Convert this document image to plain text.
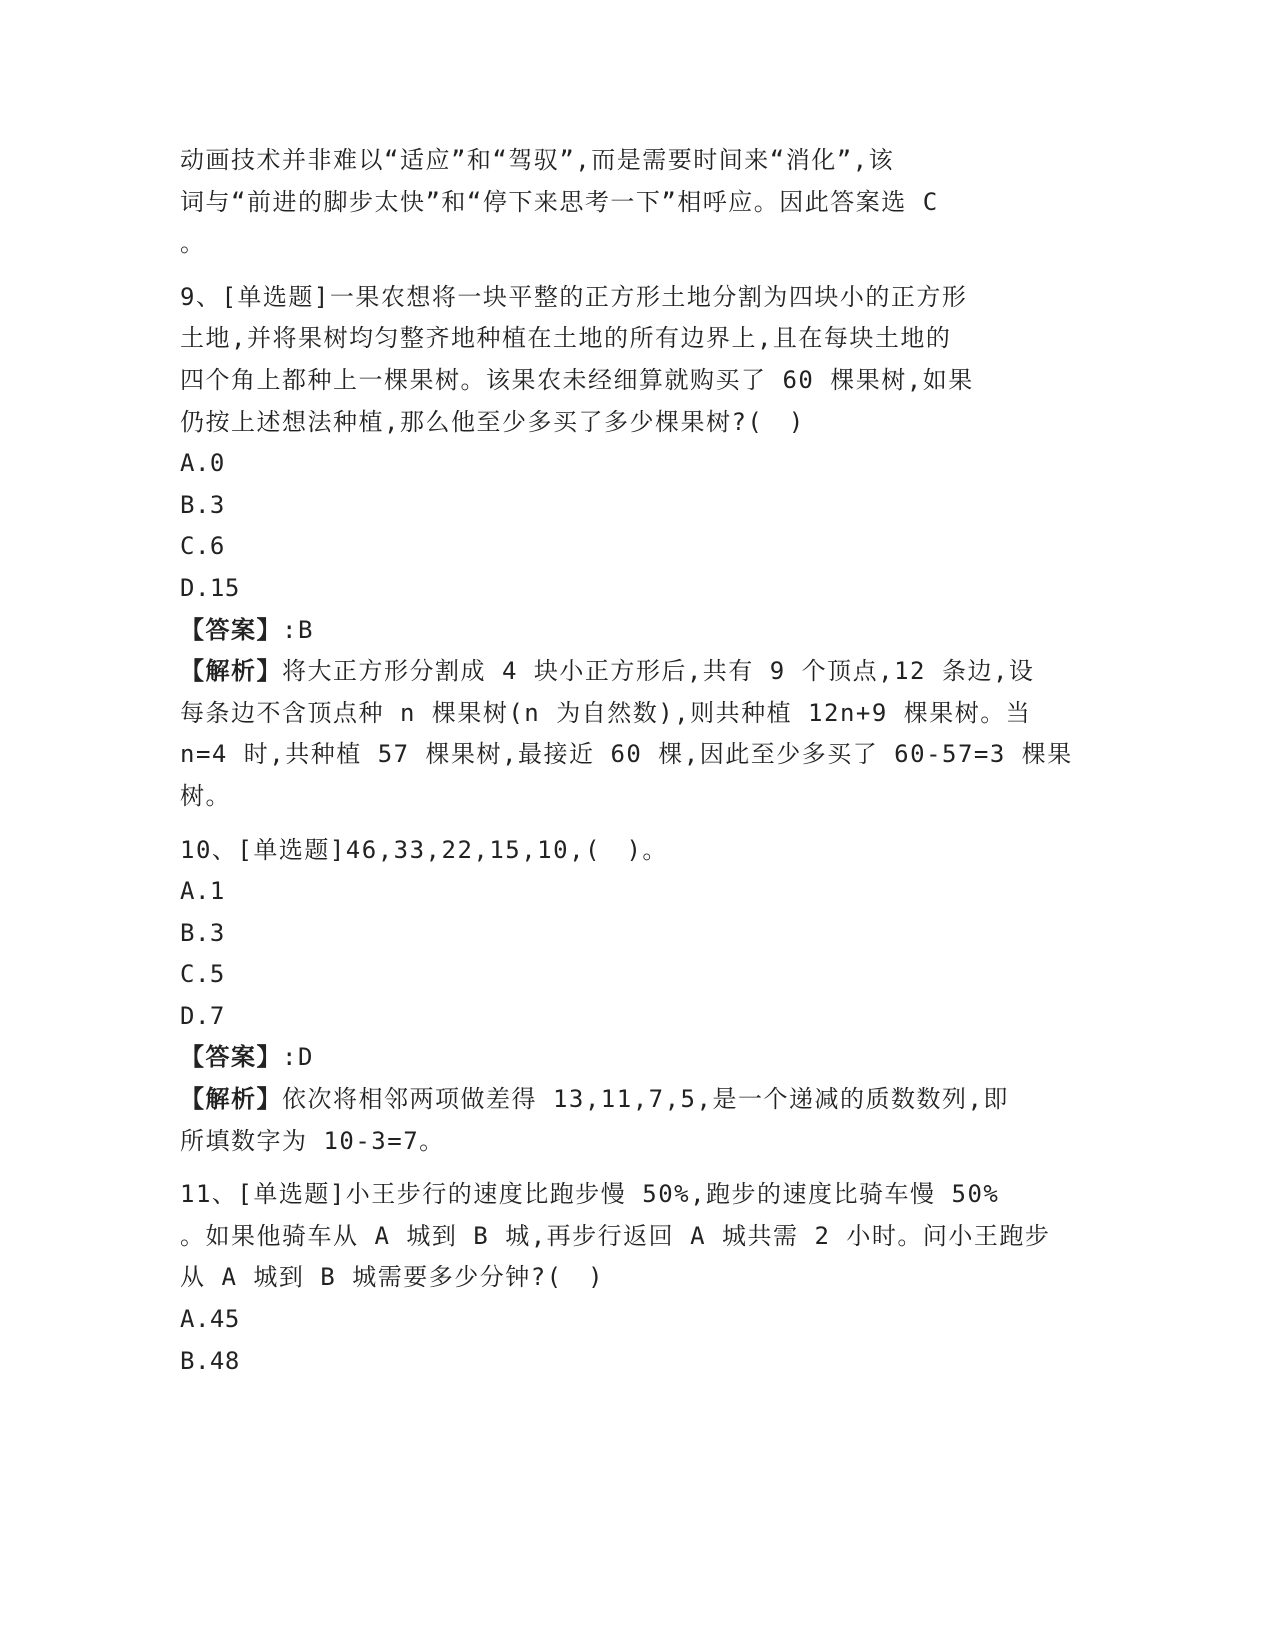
动画技术并非难以“适应”和“驾驭”,而是需要时间来“消化”,该
词与“前进的脚步太快”和“停下来思考一下”相呼应。因此答案选 C
。
9、[单选题]一果农想将一块平整的正方形土地分割为四块小的正方形
土地,并将果树均匀整齐地种植在土地的所有边界上,且在每块土地的
四个角上都种上一棵果树。该果农未经细算就购买了 60 棵果树,如果
仍按上述想法种植,那么他至少多买了多少棵果树?(　)
A.0
B.3
C.6
D.15
【答案】:B
【解析】将大正方形分割成 4 块小正方形后,共有 9 个顶点,12 条边,设
每条边不含顶点种 n 棵果树(n 为自然数),则共种植 12n+9 棵果树。当
n=4 时,共种植 57 棵果树,最接近 60 棵,因此至少多买了 60-57=3 棵果
树。
10、[单选题]46,33,22,15,10,(　)。
A.1
B.3
C.5
D.7
【答案】:D
【解析】依次将相邻两项做差得 13,11,7,5,是一个递减的质数数列,即
所填数字为 10-3=7。
11、[单选题]小王步行的速度比跑步慢 50%,跑步的速度比骑车慢 50%
。如果他骑车从 A 城到 B 城,再步行返回 A 城共需 2 小时。问小王跑步
从 A 城到 B 城需要多少分钟?(　)
A.45
B.48
